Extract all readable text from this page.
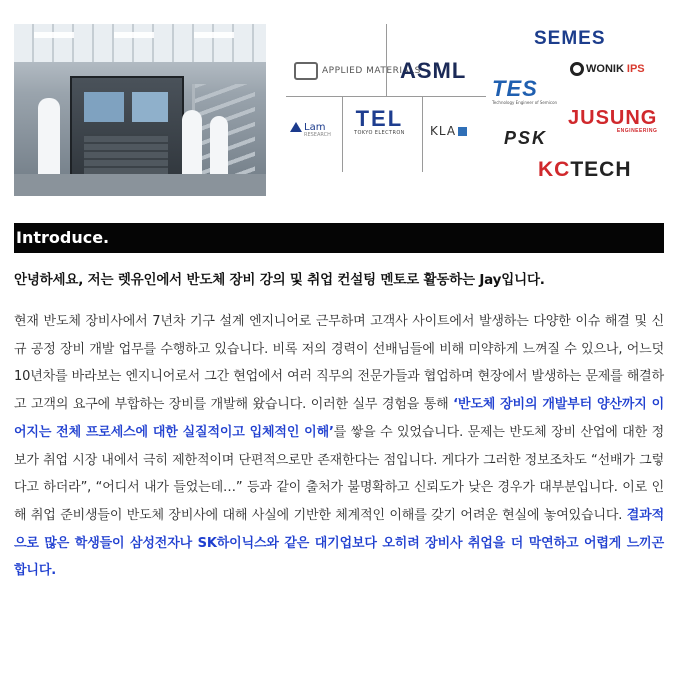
APPLIED MATERIALS
ASML
Lam
RESEARCH
TEL
TOKYO ELECTRON KLA
SEMES
WONIK IPS
TES
Technology Engineer of Semicon
JUSUNG
ENGINEERING
PSK
KCTECH
Introduce.
안녕하세요, 저는 렛유인에서 반도체 장비 강의 및 취업 컨설팅 멘토로 활동하는 Jay입니다.
현재 반도체 장비사에서 7년차 기구 설계 엔지니어로 근무하며 고객사 사이트에서 발생하는 다양한 이슈 해결 및 신규 공정 장비 개발 업무를 수행하고 있습니다. 비록 저의 경력이 선배님들에 비해 미약하게 느껴질 수 있으나, 어느덧 10년차를 바라보는 엔지니어로서 그간 현업에서 여러 직무의 전문가들과 협업하며 현장에서 발생하는 문제를 해결하고 고객의 요구에 부합하는 장비를 개발해 왔습니다. 이러한 실무 경험을 통해 ‘반도체 장비의 개발부터 양산까지 이어지는 전체 프로세스에 대한 실질적이고 입체적인 이해’를 쌓을 수 있었습니다. 문제는 반도체 장비 산업에 대한 정보가 취업 시장 내에서 극히 제한적이며 단편적으로만 존재한다는 점입니다. 게다가 그러한 정보조차도 “선배가 그렇다고 하더라”, “어디서 내가 들었는데…” 등과 같이 출처가 불명확하고 신뢰도가 낮은 경우가 대부분입니다. 이로 인해 취업 준비생들이 반도체 장비사에 대해 사실에 기반한 체계적인 이해를 갖기 어려운 현실에 놓여있습니다. 결과적으로 많은 학생들이 삼성전자나 SK하이닉스와 같은 대기업보다 오히려 장비사 취업을 더 막연하고 어렵게 느끼곤 합니다.
